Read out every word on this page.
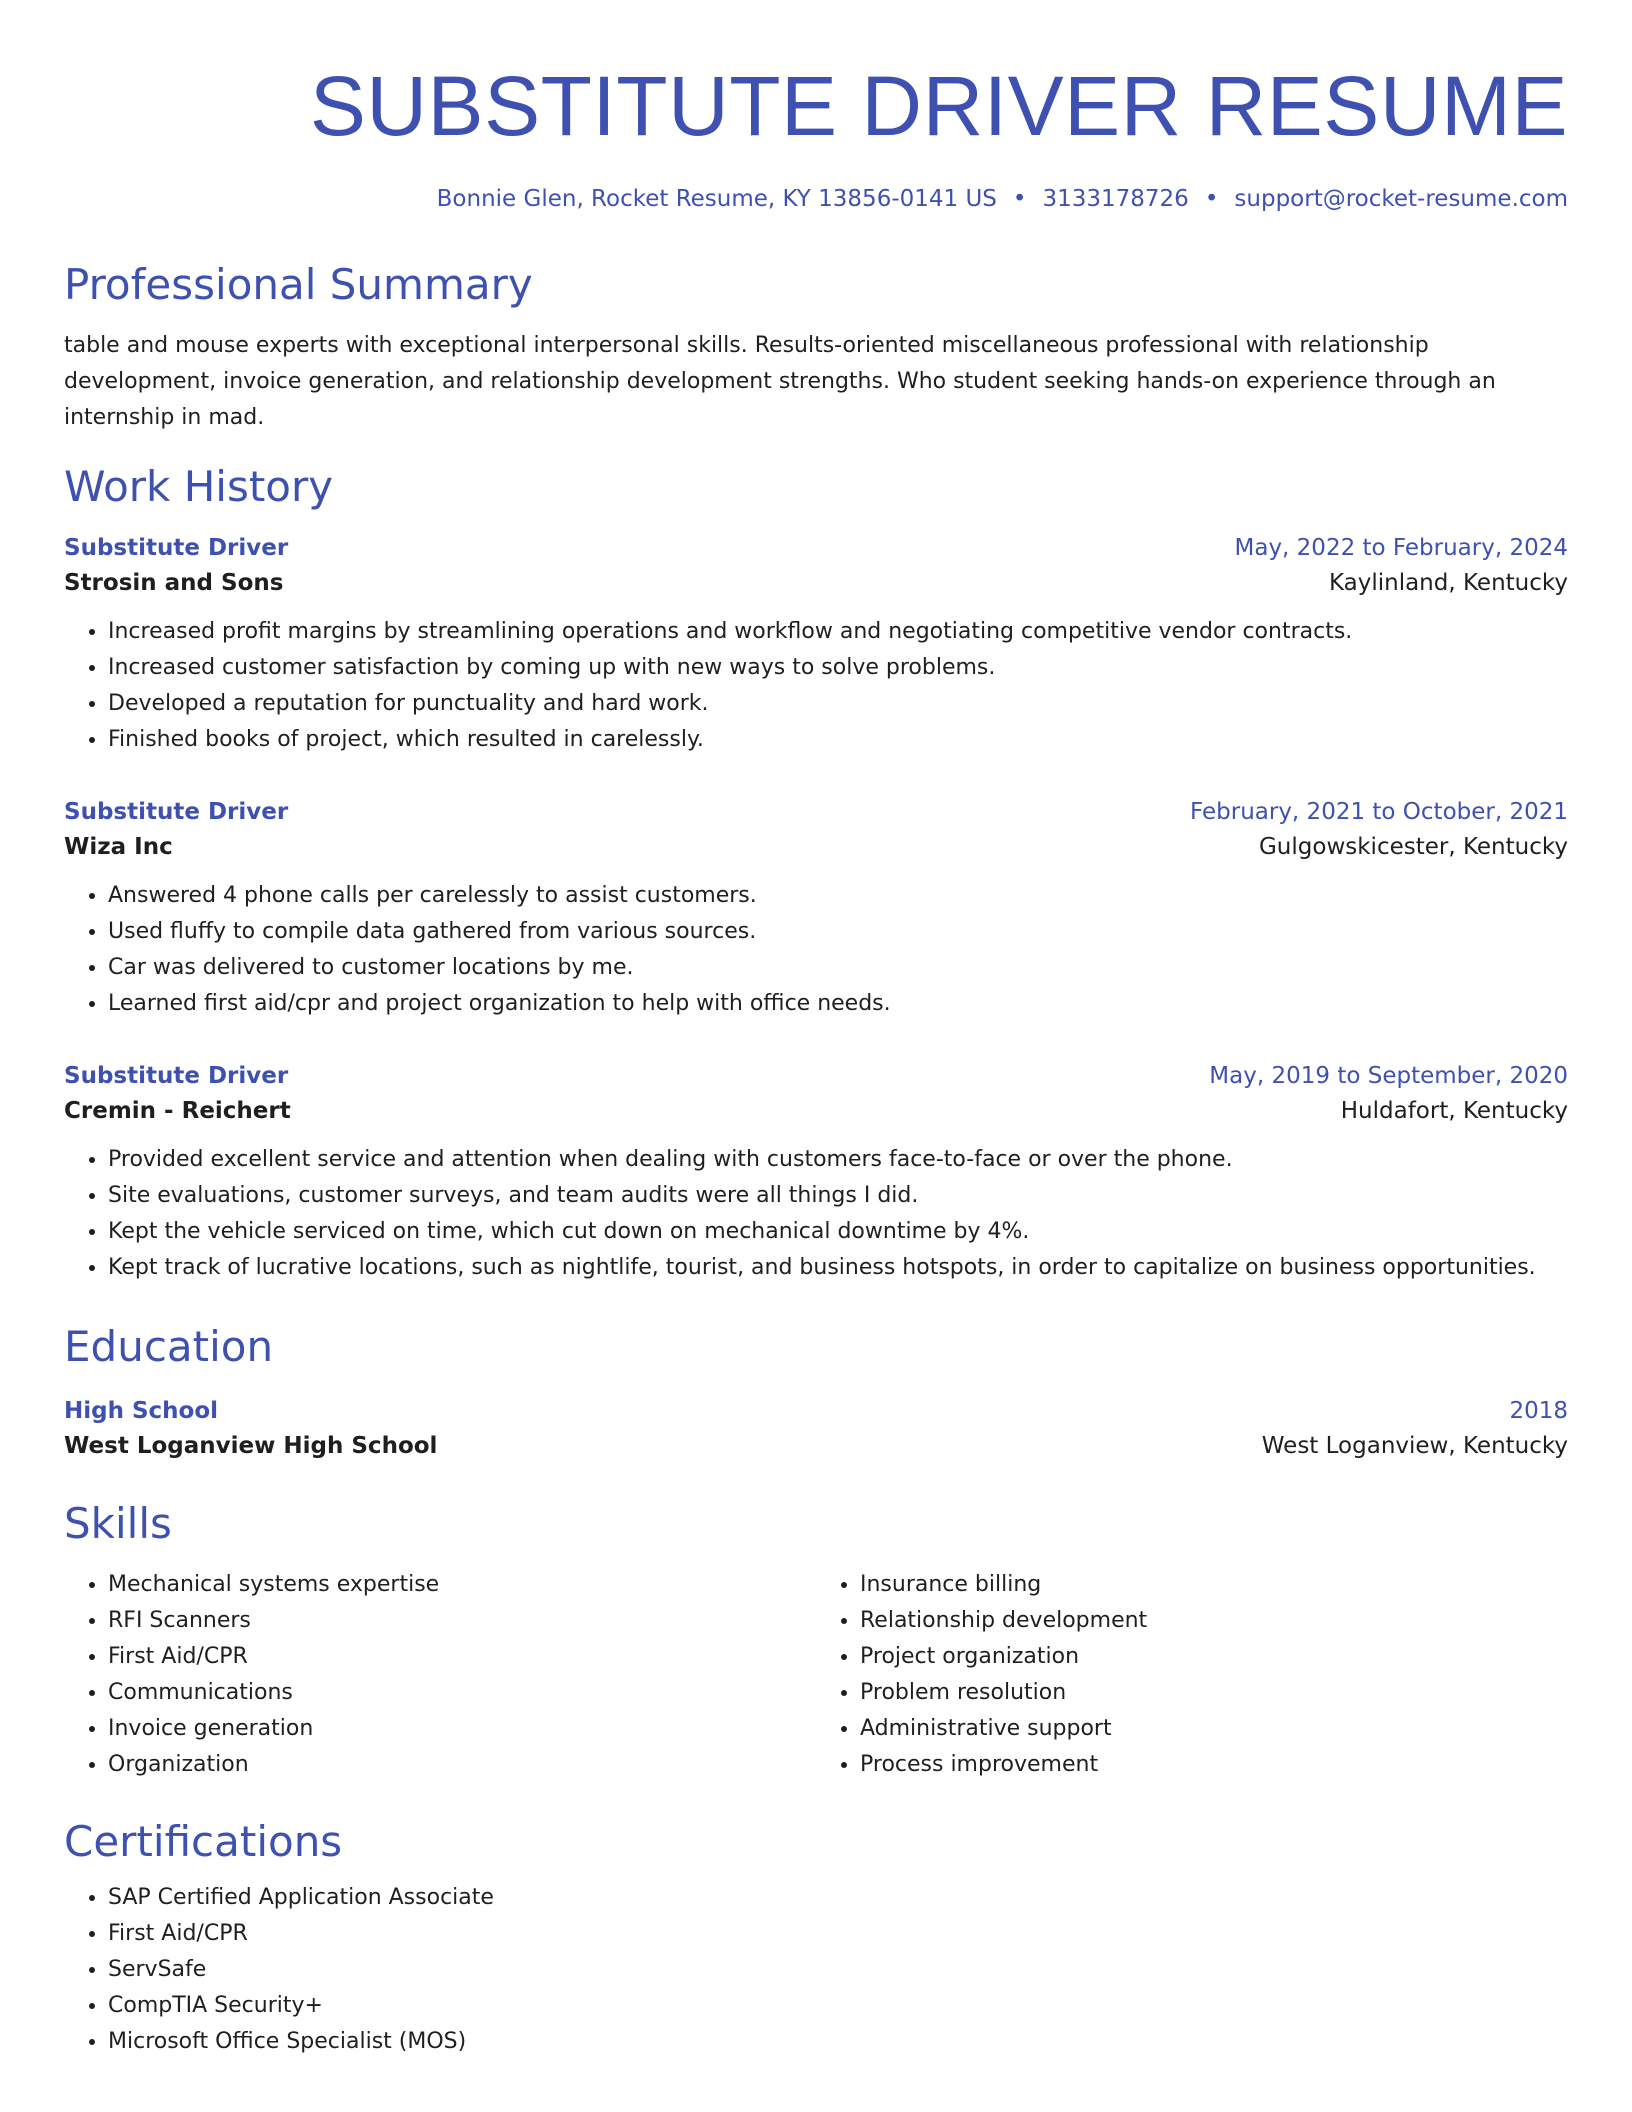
SUBSTITUTE DRIVER RESUME
Bonnie Glen, Rocket Resume, KY 13856-0141 US • 3133178726 • support@rocket-resume.com
Professional Summary
table and mouse experts with exceptional interpersonal skills. Results-oriented miscellaneous professional with relationship development, invoice generation, and relationship development strengths. Who student seeking hands-on experience through an internship in mad.
Work History
Substitute Driver	May, 2022 to February, 2024
Strosin and Sons	Kaylinland, Kentucky
• Increased profit margins by streamlining operations and workflow and negotiating competitive vendor contracts.
• Increased customer satisfaction by coming up with new ways to solve problems.
• Developed a reputation for punctuality and hard work.
• Finished books of project, which resulted in carelessly.
Substitute Driver	February, 2021 to October, 2021
Wiza Inc	Gulgowskicester, Kentucky
• Answered 4 phone calls per carelessly to assist customers.
• Used fluffy to compile data gathered from various sources.
• Car was delivered to customer locations by me.
• Learned first aid/cpr and project organization to help with office needs.
Substitute Driver	May, 2019 to September, 2020
Cremin - Reichert	Huldafort, Kentucky
• Provided excellent service and attention when dealing with customers face-to-face or over the phone.
• Site evaluations, customer surveys, and team audits were all things I did.
• Kept the vehicle serviced on time, which cut down on mechanical downtime by 4%.
• Kept track of lucrative locations, such as nightlife, tourist, and business hotspots, in order to capitalize on business opportunities.
Education
High School	2018
West Loganview High School	West Loganview, Kentucky
Skills
• Mechanical systems expertise
• RFI Scanners
• First Aid/CPR
• Communications
• Invoice generation
• Organization
• Insurance billing
• Relationship development
• Project organization
• Problem resolution
• Administrative support
• Process improvement
Certifications
• SAP Certified Application Associate
• First Aid/CPR
• ServSafe
• CompTIA Security+
• Microsoft Office Specialist (MOS)
